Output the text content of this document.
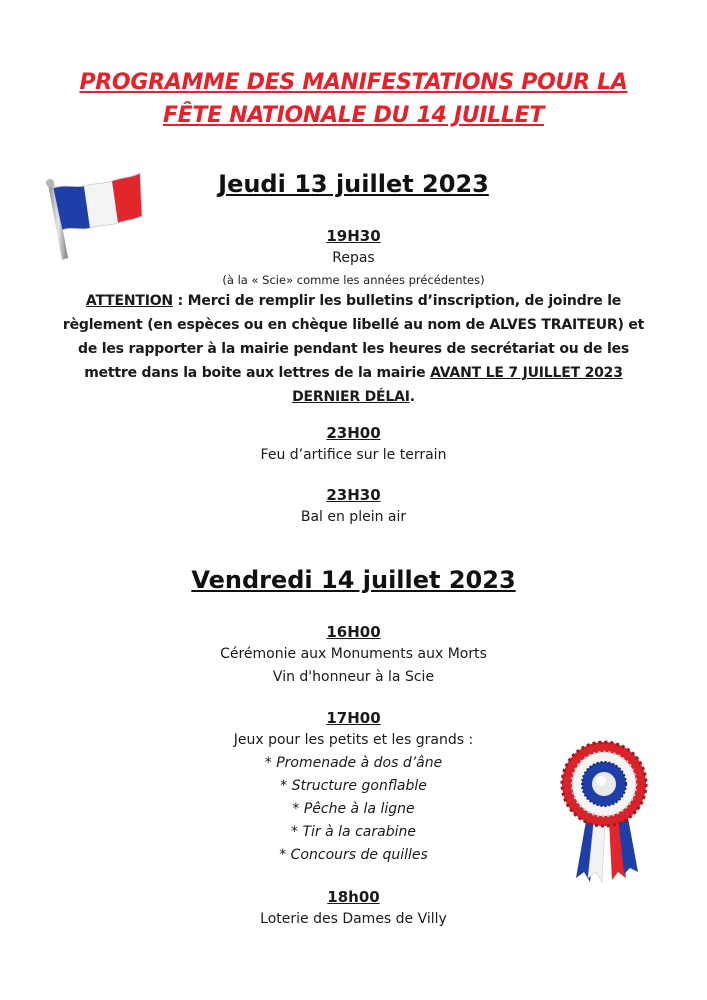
PROGRAMME DES MANIFESTATIONS POUR LA
FÊTE NATIONALE DU 14 JUILLET
Jeudi 13 juillet 2023
19H30
Repas
(à la « Scie» comme les années précédentes)
ATTENTION : Merci de remplir les bulletins d’inscription, de joindre le règlement (en espèces ou en chèque libellé au nom de ALVES TRAITEUR) et de les rapporter à la mairie pendant les heures de secrétariat ou de les mettre dans la boite aux lettres de la mairie AVANT LE 7 JUILLET 2023 DERNIER DÉLAI.
23H00
Feu d’artifice sur le terrain
23H30
Bal en plein air
Vendredi 14 juillet 2023
16H00
Cérémonie aux Monuments aux Morts
Vin d'honneur à la Scie
17H00
Jeux pour les petits et les grands :
* Promenade à dos d’âne
* Structure gonflable
* Pêche à la ligne
* Tir à la carabine
* Concours de quilles
18h00
Loterie des Dames de Villy
